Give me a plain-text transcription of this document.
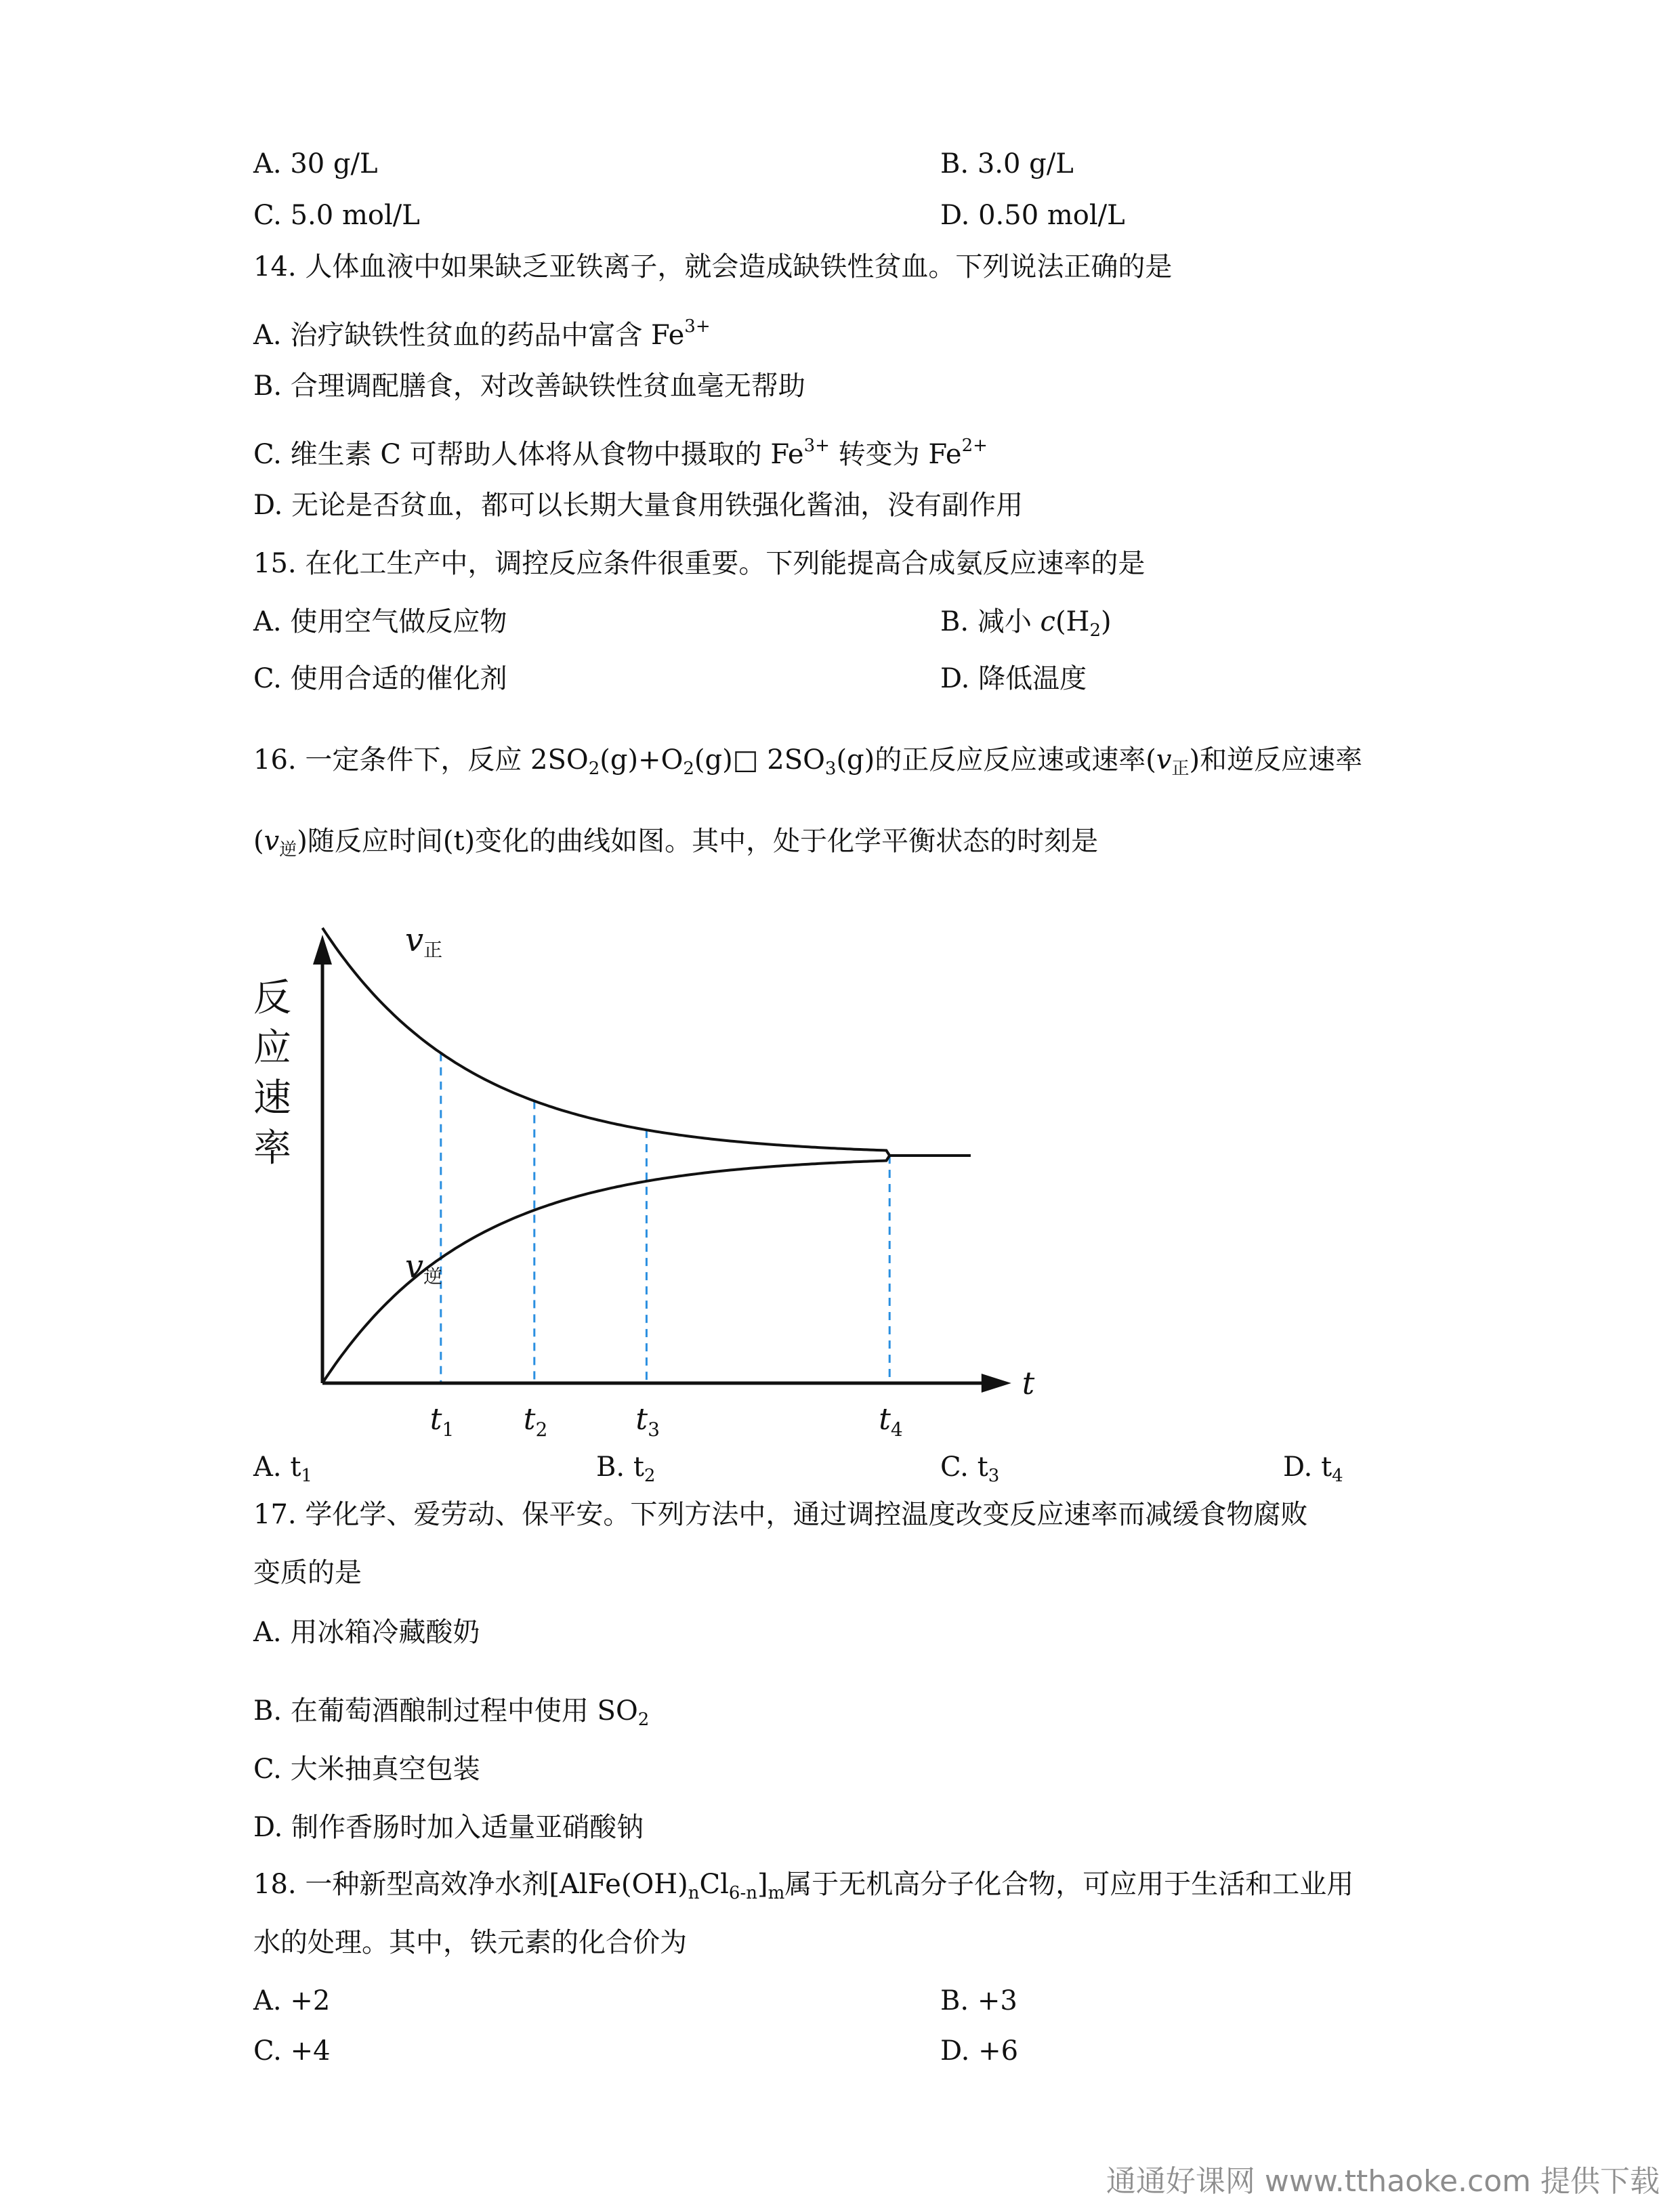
A. 30 g/L	B. 3.0 g/L
C. 5.0 mol/L	D. 0.50 mol/L
14. 人体血液中如果缺乏亚铁离子，就会造成缺铁性贫血。下列说法正确的是
A. 治疗缺铁性贫血的药品中富含 $Fe^{3+}$
B. 合理调配膳食，对改善缺铁性贫血毫无帮助
C. 维生素 C 可帮助人体将从食物中摄取的 $Fe^{3+}$ 转变为 $Fe^{2+}$
D. 无论是否贫血，都可以长期大量食用铁强化酱油，没有副作用
15. 在化工生产中，调控反应条件很重要。下列能提高合成氨反应速率的是
A. 使用空气做反应物	B. 减小 $c(H_2)$
C. 使用合适的催化剂	D. 降低温度
16. 一定条件下，反应 $2SO_2(g)+O_2(g)□$ $2SO_3(g)$的正反应反应速或速率$(v_正)$和逆反应速率
$(v_逆)$随反应时间(t)变化的曲线如图。其中，处于化学平衡状态的时刻是
$t_1$ $t_2$	$t_3$	$t_4$
t
反
应
速
率
v正
v逆
A. $t_1$	B. $t_2$	C. $t_3$	D. $t_4$
17. 学化学、爱劳动、保平安。下列方法中，通过调控温度改变反应速率而减缓食物腐败
变质的是
A. 用冰箱冷藏酸奶
B. 在葡萄酒酿制过程中使用 $SO_2$
C. 大米抽真空包装
D. 制作香肠时加入适量亚硝酸钠
18. 一种新型高效净水剂$[AlFe(OH)_nCl_{6-n}]_m$属于无机高分子化合物，可应用于生活和工业用
水的处理。其中，铁元素的化合价为
A. +2	B. +3
C. +4	D. +6
通通好课网 www.tthaoke.com 提供下载
